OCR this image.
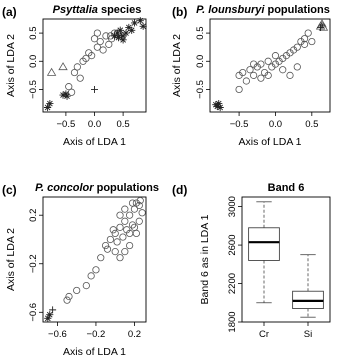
(a)	Psyttalia species
−0.5
0.0
0.5
Axis of LDA 2
−0.5 0.0 0.5
Axis of LDA 1
(b) P. lounsburyi populations
−0.5
0.0
0.5
Axis of LDA 2
−0.5 0.0 0.5
Axis of LDA 1
(c) P. concolor populations
−0.6
−0.2
0.2
Axis of LDA 2
−0.6 −0.2 0.2
Axis of LDA 1
(d)	Band 6
1800
2200
2600
3000
Band 6 as in LDA 1
Cr	Si
